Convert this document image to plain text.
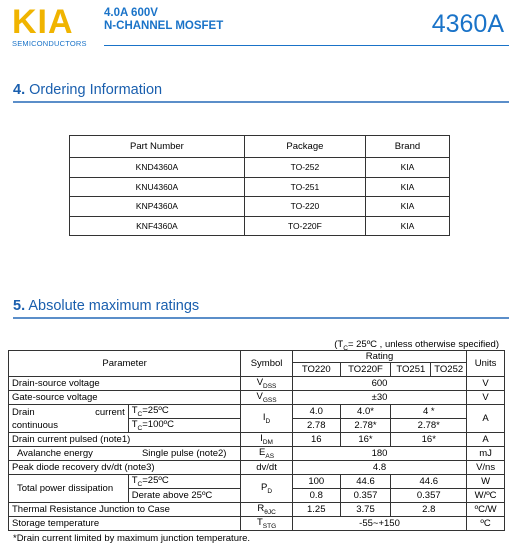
KIA
SEMICONDUCTORS
4.0A 600V
N-CHANNEL MOSFET	4360A
4. Ordering Information
Part Number	Package	Brand
KND4360A	TO-252	KIA
KNU4360A	TO-251	KIA
KNP4360A	TO-220	KIA
KNF4360A	TO-220F	KIA
5. Absolute maximum ratings
($T_C=$ 25ºC , unless otherwise specified)
Parameter		Symbol	Rating				Units
			TO220	TO220F	TO251	TO252	
Drain-source voltage		$V_{DSS}$	600				V
Gate-source voltage		$V_{GSS}$	±30				V

Drain current
continuous	$T_C=25ºC$	$I_D$	4.0	4.0*	4 *		A
	$T_C=100ºC$		2.78	2.78*	2.78*		
Drain current pulsed (note1)		$I_{DM}$	16	16*	16*		A
Avalanche energy	Single pulse (note2)	$E_{AS}$	180				mJ
Peak diode recovery dv/dt (note3)		dv/dt	4.8				V/ns
Total power dissipation	$T_C=25ºC$	$P_D$	100	44.6	44.6		W
	Derate above 25ºC		0.8	0.357	0.357		W/ºC
Thermal Resistance Junction to Case		$R_{\theta JC}$	1.25	3.75	2.8		ºC/W
Storage temperature		$T_{STG}$	-55~+150				ºC
*Drain current limited by maximum junction temperature.
